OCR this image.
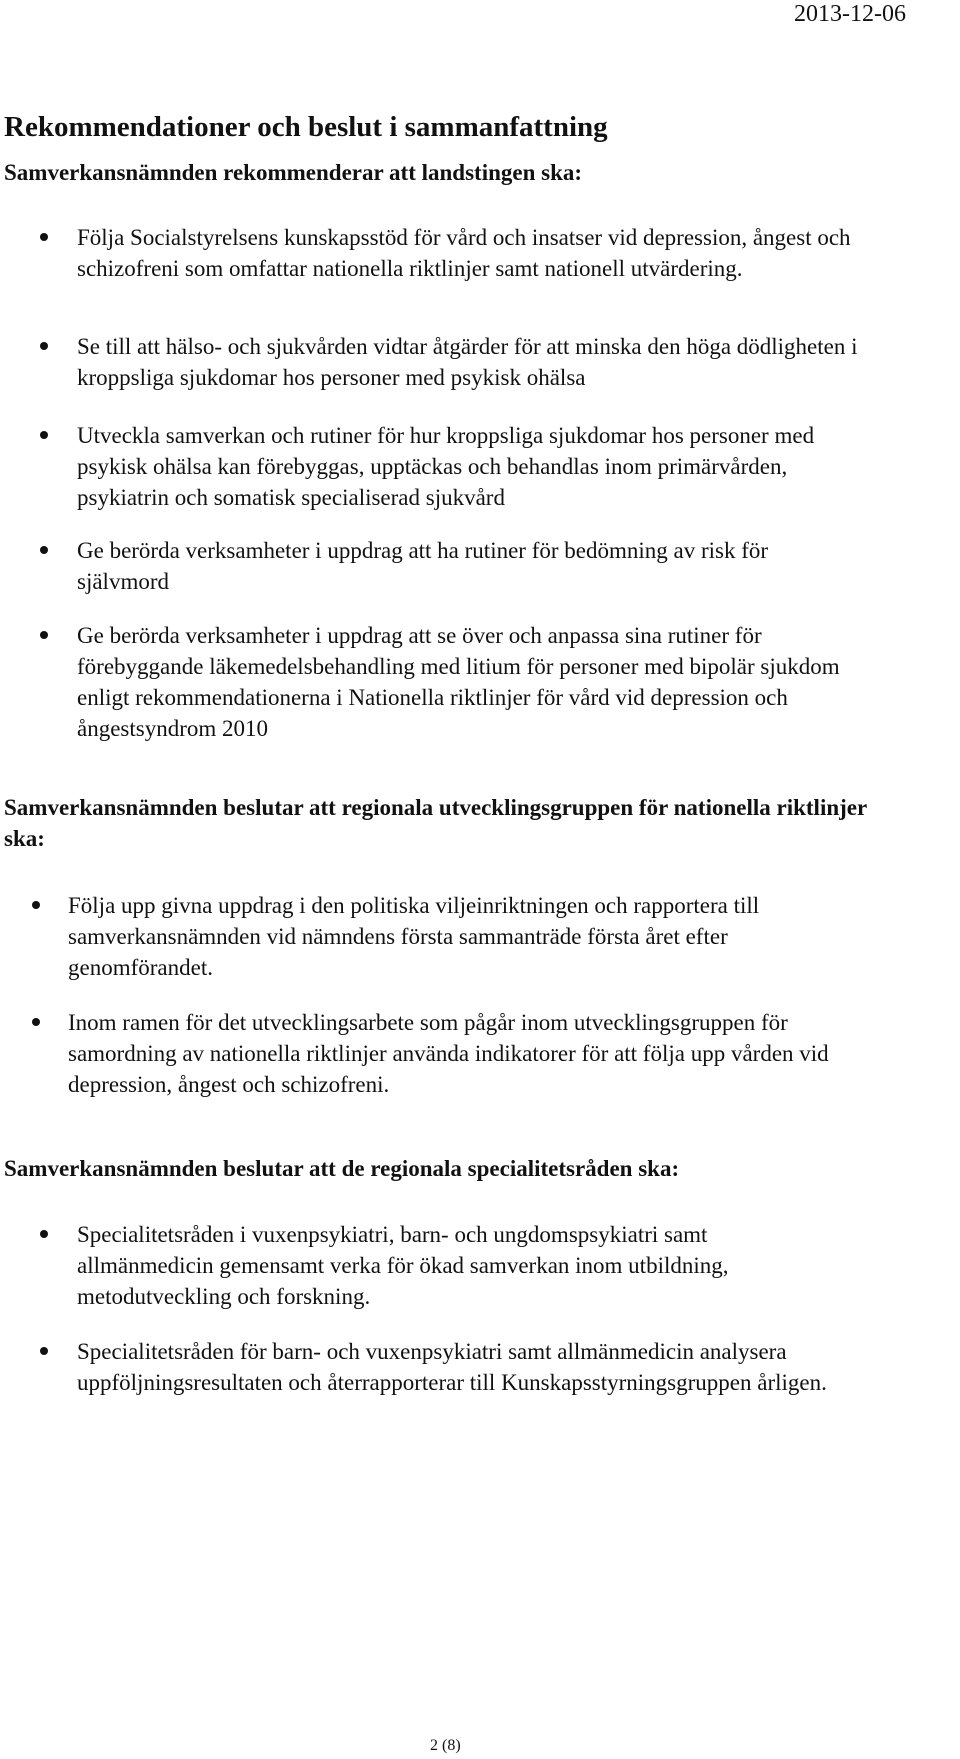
2013-12-06
Rekommendationer och beslut i sammanfattning
Samverkansnämnden rekommenderar att landstingen ska:
Följa Socialstyrelsens kunskapsstöd för vård och insatser vid depression, ångest och schizofreni som omfattar nationella riktlinjer samt nationell utvärdering.
Se till att hälso- och sjukvården vidtar åtgärder för att minska den höga dödligheten i kroppsliga sjukdomar hos personer med psykisk ohälsa
Utveckla samverkan och rutiner för hur kroppsliga sjukdomar hos personer med psykisk ohälsa kan förebyggas, upptäckas och behandlas inom primärvården, psykiatrin och somatisk specialiserad sjukvård
Ge berörda verksamheter i uppdrag att ha rutiner för bedömning av risk för självmord
Ge berörda verksamheter i uppdrag att se över och anpassa sina rutiner för förebyggande läkemedelsbehandling med litium för personer med bipolär sjukdom enligt rekommendationerna i Nationella riktlinjer för vård vid depression och ångestsyndrom 2010
Samverkansnämnden beslutar att regionala utvecklingsgruppen för nationella riktlinjer ska:
Följa upp givna uppdrag i den politiska viljeinriktningen och rapportera till samverkansnämnden vid nämndens första sammanträde första året efter genomförandet.
Inom ramen för det utvecklingsarbete som pågår inom utvecklingsgruppen för samordning av nationella riktlinjer använda indikatorer för att följa upp vården vid depression, ångest och schizofreni.
Samverkansnämnden beslutar att de regionala specialitetsråden ska:
Specialitetsråden i vuxenpsykiatri, barn- och ungdomspsykiatri samt allmänmedicin gemensamt verka för ökad samverkan inom utbildning, metodutveckling och forskning.
Specialitetsråden för barn- och vuxenpsykiatri samt allmänmedicin analysera uppföljningsresultaten och återrapporterar till Kunskapsstyrningsgruppen årligen.
2 (8)
